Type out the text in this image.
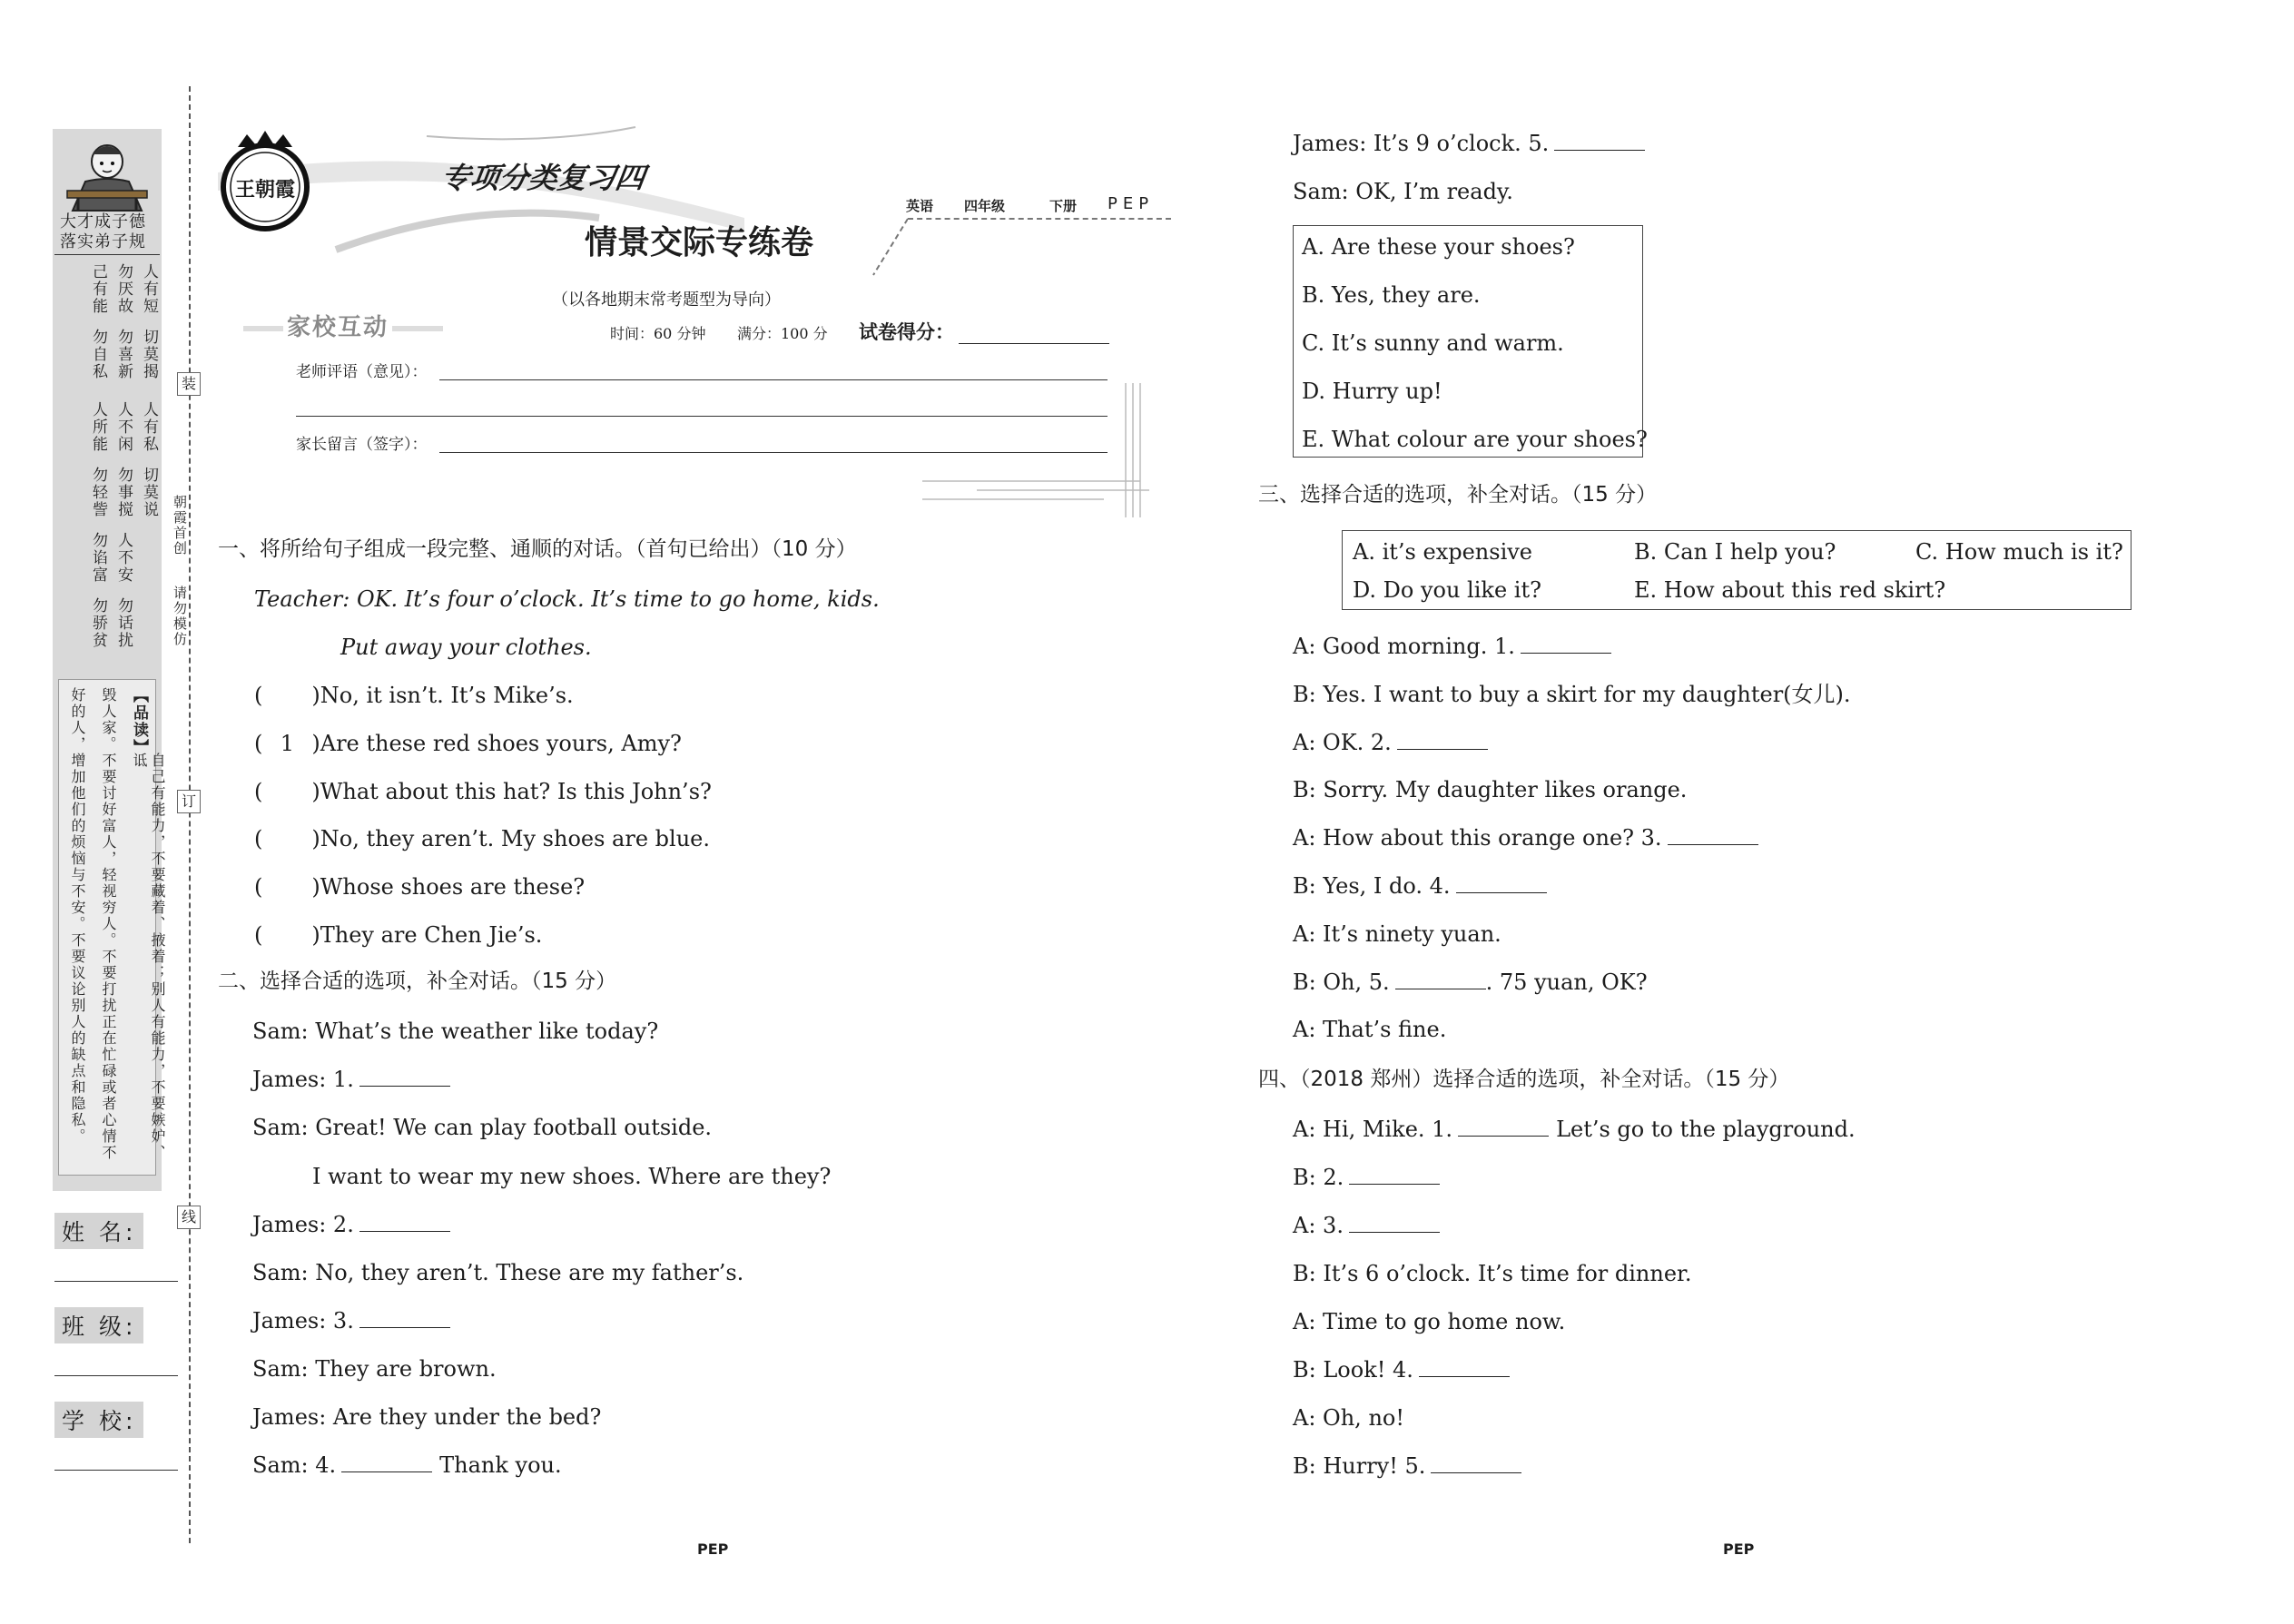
大才成子德
落实弟子规
人有短
切莫揭
人有私
切莫说
勿厌故
勿喜新
人不闲
勿事搅
人不安
勿话扰
己有能
勿自私
人所能
勿轻訾
勿谄富
勿骄贫
【品读】
自己有能力，不要藏着、掖着；别人有能力，不要嫉妒、诋
毁人家。不要讨好富人，轻视穷人。不要打扰正在忙碌或者心情不
好的人，增加他们的烦恼与不安。不要议论别人的缺点和隐私。
姓 名:
班 级:
学 校:
装
订
线
朝霞首创
请勿模仿
王朝霞	专项分类复习四
英语 四年级	下册 PEP
情景交际专练卷
（以各地期末常考题型为导向）
时间：60 分钟 满分：100 分 试卷得分：
家校互动
老师评语（意见）：
家长留言（签字）：
一、将所给句子组成一段完整、通顺的对话。（首句已给出）（10 分）
Teacher: OK. It’s four o’clock. It’s time to go home, kids.
Put away your clothes.
( )No, it isn’t. It’s Mike’s.
( 1 )Are these red shoes yours, Amy?
( )What about this hat? Is this John’s?
( )No, they aren’t. My shoes are blue.
( )Whose shoes are these?
( )They are Chen Jie’s.
二、选择合适的选项，补全对话。（15 分）
Sam: What’s the weather like today?
James: 1.
Sam: Great! We can play football outside.
I want to wear my new shoes. Where are they?
James: 2.
Sam: No, they aren’t. These are my father’s.
James: 3.
Sam: They are brown.
James: Are they under the bed?
Sam: 4.	Thank you.
James: It’s 9 o’clock. 5.
Sam: OK, I’m ready.
A. Are these your shoes?
B. Yes, they are.
C. It’s sunny and warm.
D. Hurry up!
E. What colour are your shoes?
三、选择合适的选项，补全对话。（15 分）
A. it’s expensive	B. Can I help you?	C. How much is it?
D. Do you like it?	E. How about this red skirt?
A: Good morning. 1.
B: Yes. I want to buy a skirt for my daughter(女儿).
A: OK. 2.
B: Sorry. My daughter likes orange.
A: How about this orange one? 3.
B: Yes, I do. 4.
A: It’s ninety yuan.
B: Oh, 5.	. 75 yuan, OK?
A: That’s fine.
四、（2018 郑州）选择合适的选项，补全对话。（15 分）
A: Hi, Mike. 1.	Let’s go to the playground.
B: 2.
A: 3.
B: It’s 6 o’clock. It’s time for dinner.
A: Time to go home now.
B: Look! 4.
A: Oh, no!
B: Hurry! 5.
PEP	PEP
